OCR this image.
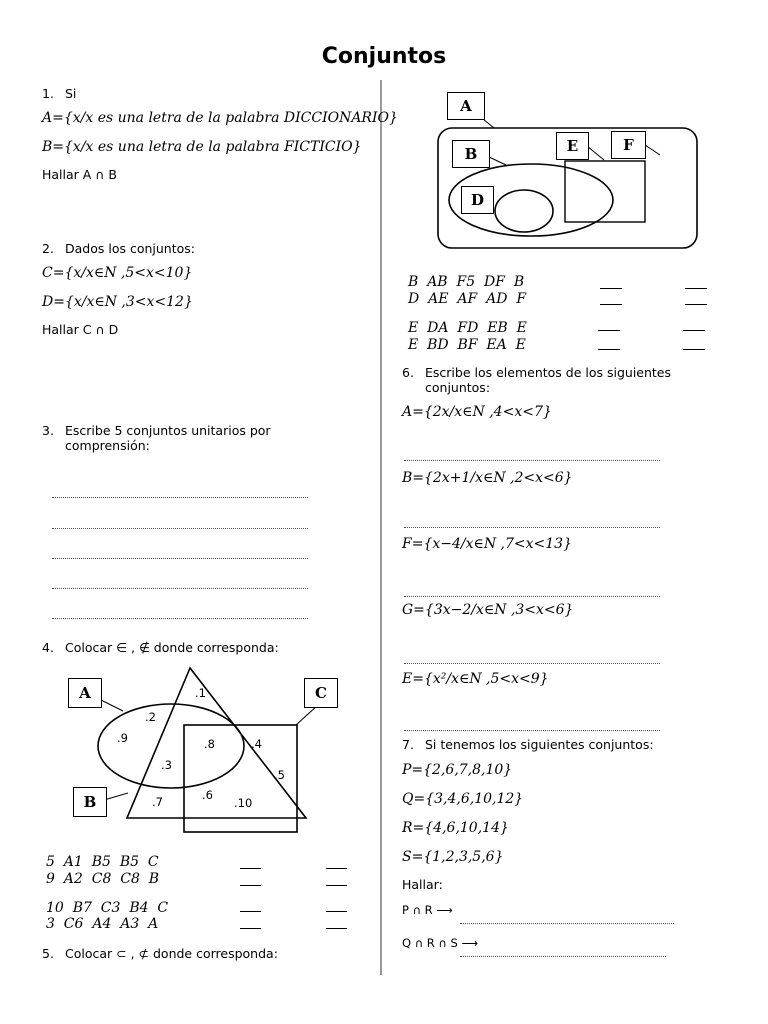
Conjuntos
1. Si
A={x/x es una letra de la palabra DICCIONARIO}
B={x/x es una letra de la palabra FICTICIO}
Hallar A ∩ B
2. Dados los conjuntos:
C={x/x∈N ,5<x<10}
D={x/x∈N ,3<x<12}
Hallar C ∩ D
3. Escribe 5 conjuntos unitarios por
comprensión:
4. Colocar ∈ , ∉ donde corresponda:
A
B
C
.1
.2
.9	.8	.4
.3
.5
.7	.6
.10
5  A1  B5  B5  C
9  A2  C8  C8  B
10  B7  C3  B4  C
3  C6  A4  A3  A
5. Colocar ⊂ , ⊄ donde corresponda:
A
B	E	F
D
B  AB  F5  DF  B
D  AE  AF  AD  F
E  DA  FD  EB  E
E  BD  BF  EA  E
6. Escribe los elementos de los siguientes
conjuntos:
A={2x/x∈N ,4<x<7}
B={2x+1/x∈N ,2<x<6}
F={x−4/x∈N ,7<x<13}
G={3x−2/x∈N ,3<x<6}
E={x²/x∈N ,5<x<9}
7. Si tenemos los siguientes conjuntos:
P={2,6,7,8,10}
Q={3,4,6,10,12}
R={4,6,10,14}
S={1,2,3,5,6}
Hallar:
P ∩ R ⟶
Q ∩ R ∩ S ⟶
